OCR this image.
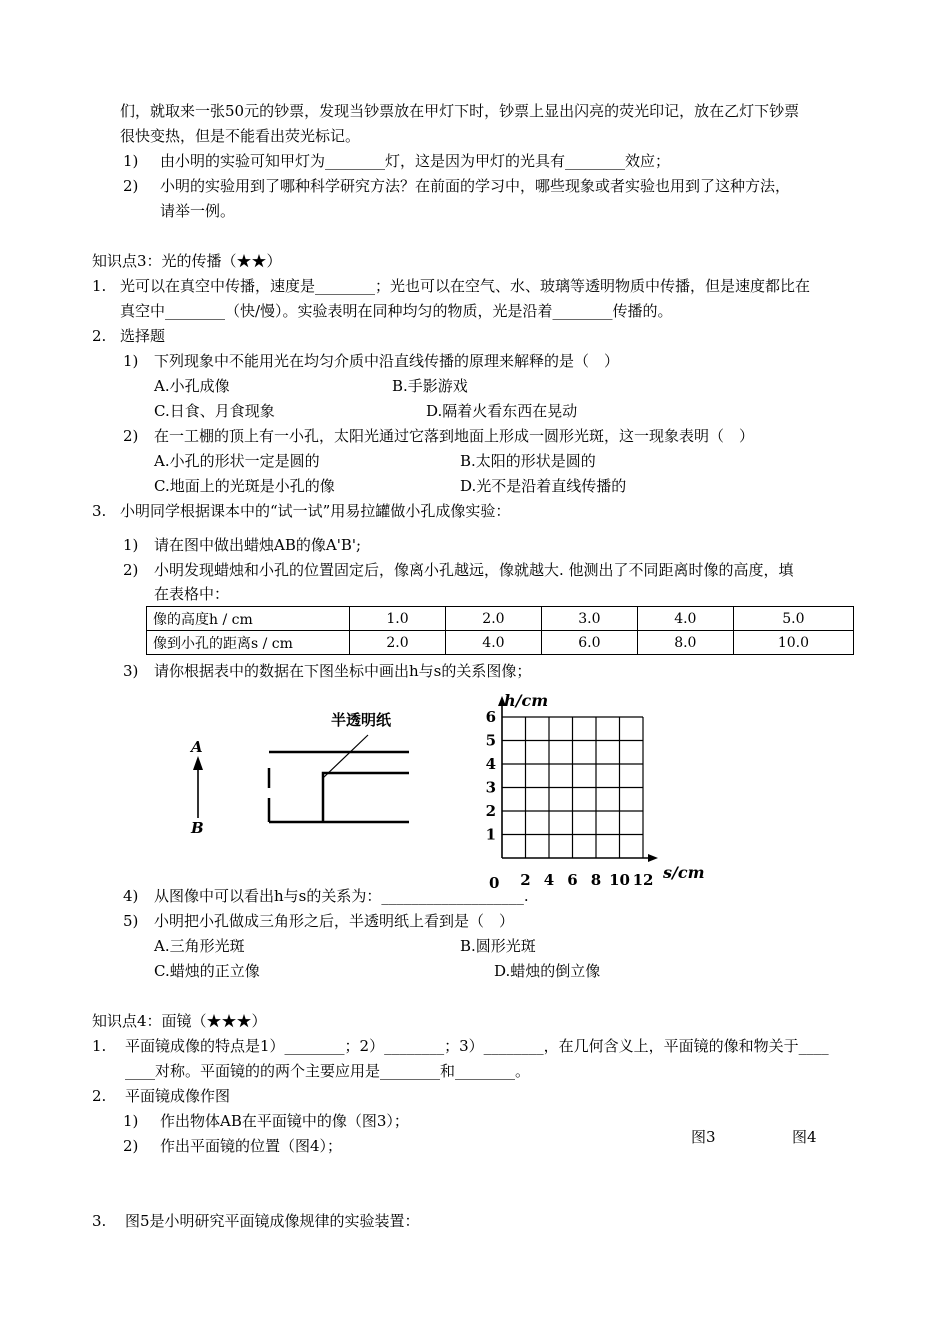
们，就取来一张50元的钞票，发现当钞票放在甲灯下时，钞票上显出闪亮的荧光印记，放在乙灯下钞票
很快变热，但是不能看出荧光标记。
1) 由小明的实验可知甲灯为________灯，这是因为甲灯的光具有________效应；
2) 小明的实验用到了哪种科学研究方法？在前面的学习中，哪些现象或者实验也用到了这种方法，
请举一例。
知识点3：光的传播（★★）
1. 光可以在真空中传播，速度是________；光也可以在空气、水、玻璃等透明物质中传播，但是速度都比在
真空中________（快/慢）。实验表明在同种均匀的物质，光是沿着________传播的。
2. 选择题
1) 下列现象中不能用光在均匀介质中沿直线传播的原理来解释的是（　）
A.小孔成像	B.手影游戏
C.日食、月食现象	D.隔着火看东西在晃动
2) 在一工棚的顶上有一小孔，太阳光通过它落到地面上形成一圆形光斑，这一现象表明（　）
A.小孔的形状一定是圆的	B.太阳的形状是圆的
C.地面上的光斑是小孔的像	D.光不是沿着直线传播的
3. 小明同学根据课本中的“试一试”用易拉罐做小孔成像实验：
1) 请在图中做出蜡烛AB的像A'B';
2) 小明发现蜡烛和小孔的位置固定后，像离小孔越远，像就越大. 他测出了不同距离时像的高度，填
在表格中：
像的高度h / cm	1.0	2.0	3.0	4.0	5.0
像到小孔的距离s / cm	2.0	4.0	6.0	8.0	10.0
3) 请你根据表中的数据在下图坐标中画出h与s的关系图像；
半透明纸
A
B
2 4 6 8 10 12
1
2
3
4
5
6
h/cm
s/cm
0
4) 从图像中可以看出h与s的关系为：___________________.
5) 小明把小孔做成三角形之后，半透明纸上看到是（　）
A.三角形光斑	B.圆形光斑
C.蜡烛的正立像	D.蜡烛的倒立像
知识点4：面镜（★★★）
1. 平面镜成像的特点是1）________；2）________；3）________，在几何含义上，平面镜的像和物关于____
____对称。平面镜的的两个主要应用是________和________。
2. 平面镜成像作图
1) 作出物体AB在平面镜中的像（图3）；
2) 作出平面镜的位置（图4）；	图3	图4
3. 图5是小明研究平面镜成像规律的实验装置：
